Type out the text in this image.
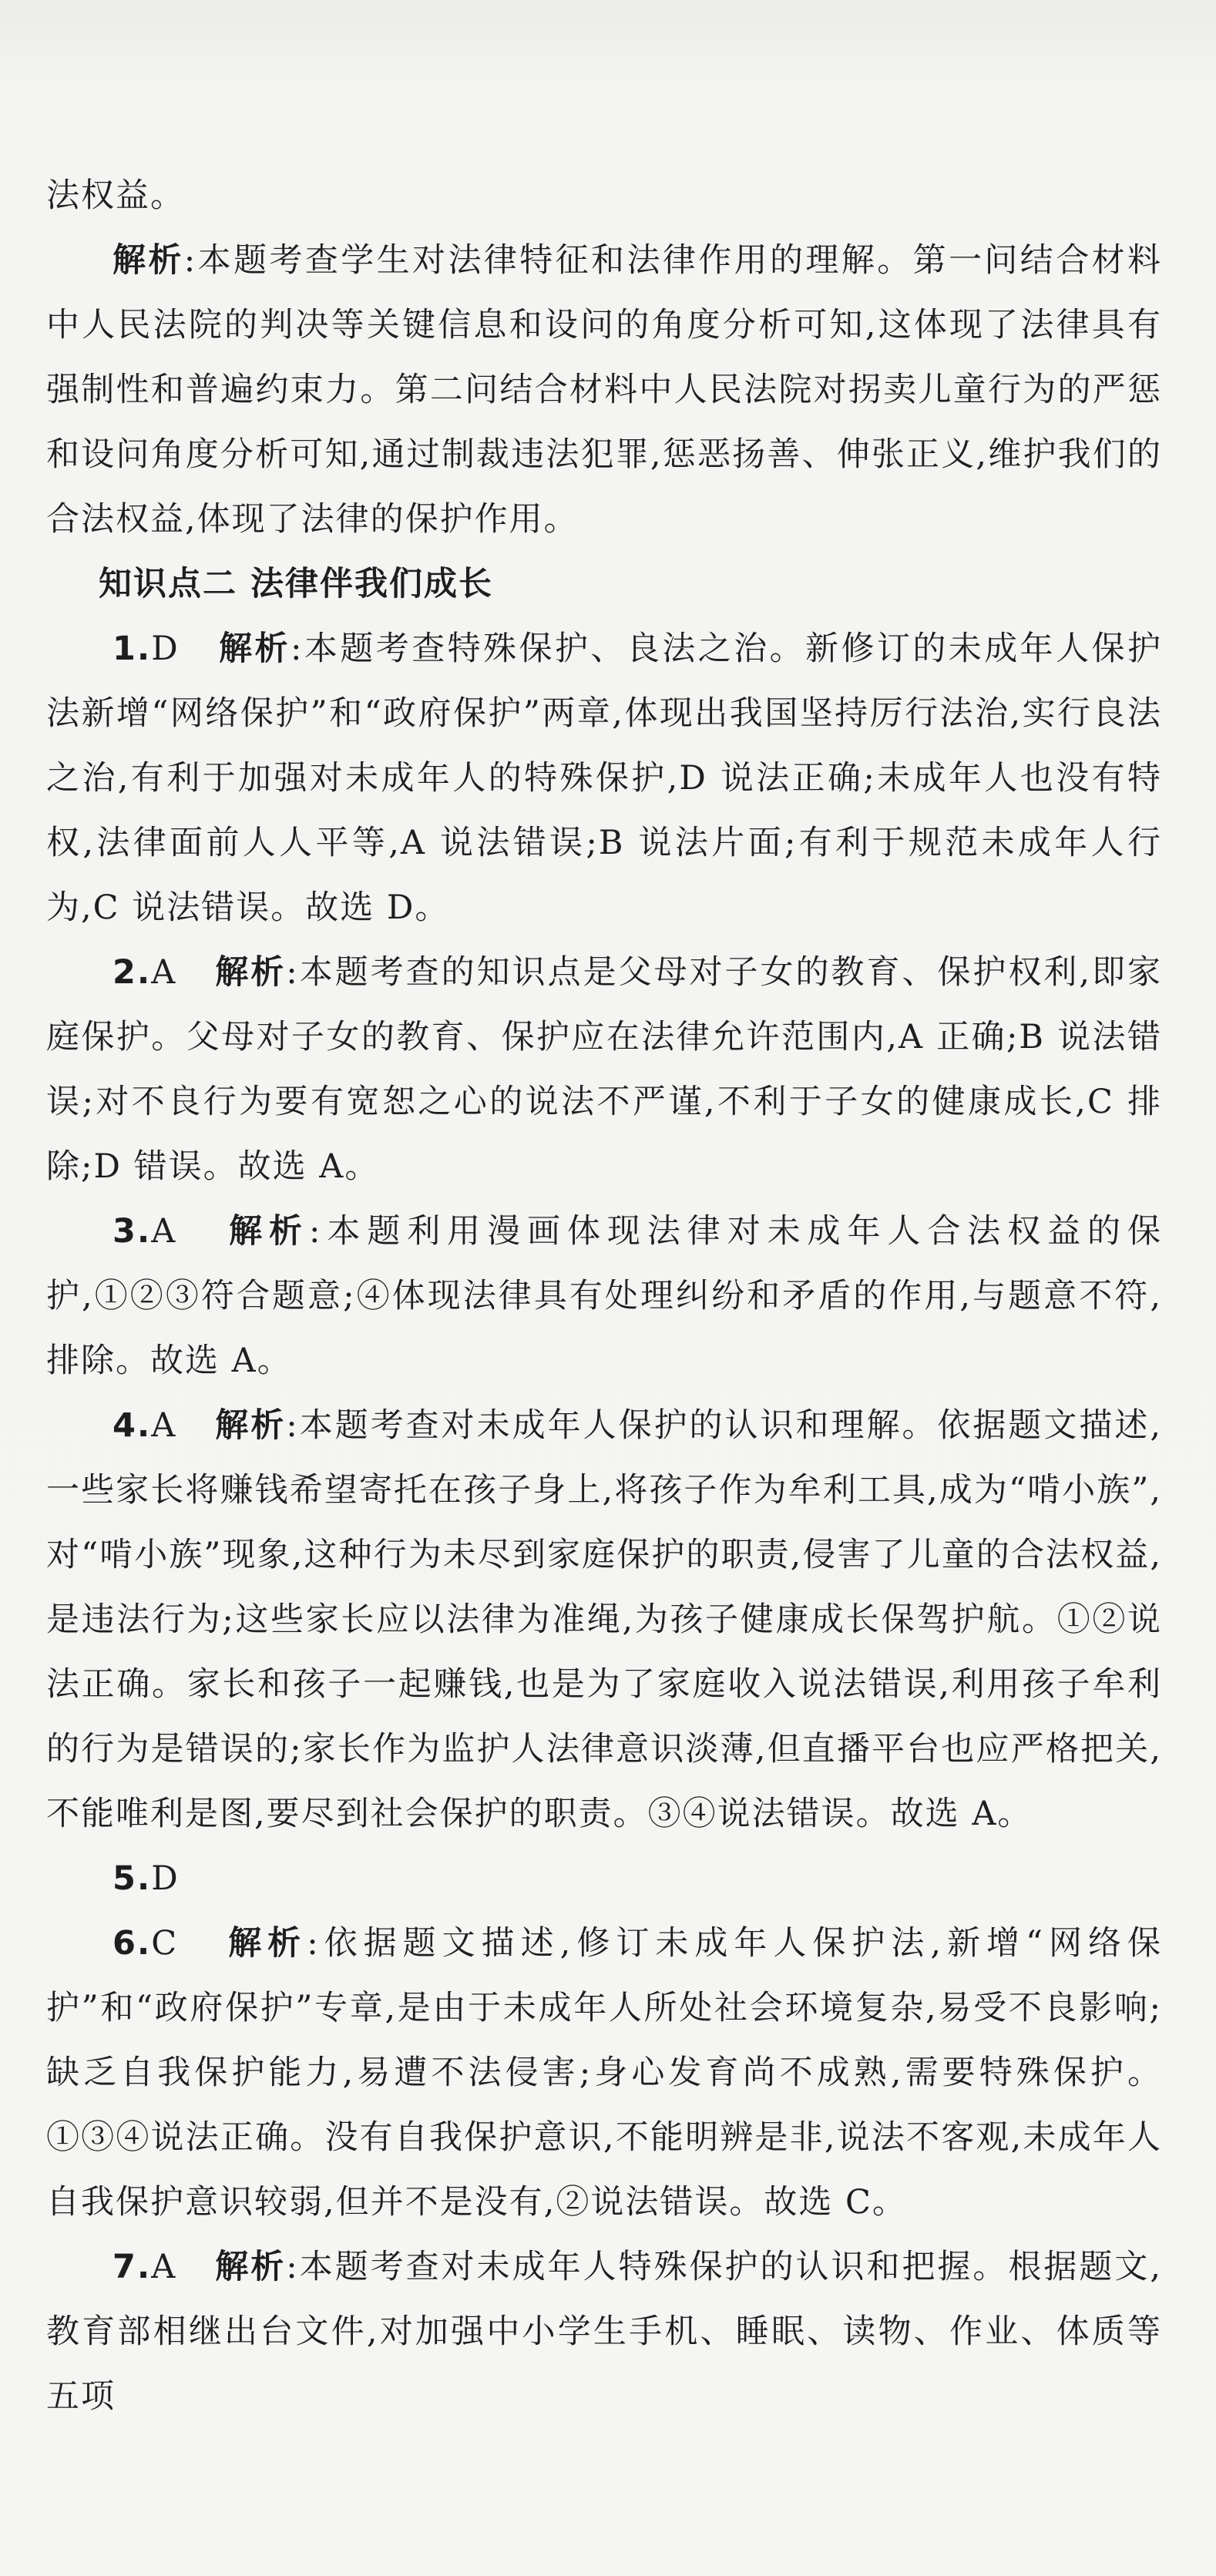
法权益。

解析:本题考查学生对法律特征和法律作用的理解。第一问结合材料中人民法院的判决等关键信息和设问的角度分析可知,这体现了法律具有强制性和普遍约束力。第二问结合材料中人民法院对拐卖儿童行为的严惩和设问角度分析可知,通过制裁违法犯罪,惩恶扬善、伸张正义,维护我们的合法权益,体现了法律的保护作用。

知识点二 法律伴我们成长

1.D 解析:本题考查特殊保护、良法之治。新修订的未成年人保护法新增“网络保护”和“政府保护”两章,体现出我国坚持厉行法治,实行良法之治,有利于加强对未成年人的特殊保护,D 说法正确;未成年人也没有特权,法律面前人人平等,A 说法错误;B 说法片面;有利于规范未成年人行为,C 说法错误。故选 D。

2.A 解析:本题考查的知识点是父母对子女的教育、保护权利,即家庭保护。父母对子女的教育、保护应在法律允许范围内,A 正确;B 说法错误;对不良行为要有宽恕之心的说法不严谨,不利于子女的健康成长,C 排除;D 错误。故选 A。

3.A 解析:本题利用漫画体现法律对未成年人合法权益的保护,①②③符合题意;④体现法律具有处理纠纷和矛盾的作用,与题意不符,排除。故选 A。

4.A 解析:本题考查对未成年人保护的认识和理解。依据题文描述,一些家长将赚钱希望寄托在孩子身上,将孩子作为牟利工具,成为“啃小族”,对“啃小族”现象,这种行为未尽到家庭保护的职责,侵害了儿童的合法权益,是违法行为;这些家长应以法律为准绳,为孩子健康成长保驾护航。①②说法正确。家长和孩子一起赚钱,也是为了家庭收入说法错误,利用孩子牟利的行为是错误的;家长作为监护人法律意识淡薄,但直播平台也应严格把关,不能唯利是图,要尽到社会保护的职责。③④说法错误。故选 A。

5.D

6.C 解析:依据题文描述,修订未成年人保护法,新增“网络保护”和“政府保护”专章,是由于未成年人所处社会环境复杂,易受不良影响;缺乏自我保护能力,易遭不法侵害;身心发育尚不成熟,需要特殊保护。①③④说法正确。没有自我保护意识,不能明辨是非,说法不客观,未成年人自我保护意识较弱,但并不是没有,②说法错误。故选 C。

7.A 解析:本题考查对未成年人特殊保护的认识和把握。根据题文,教育部相继出台文件,对加强中小学生手机、睡眠、读物、作业、体质等五项
